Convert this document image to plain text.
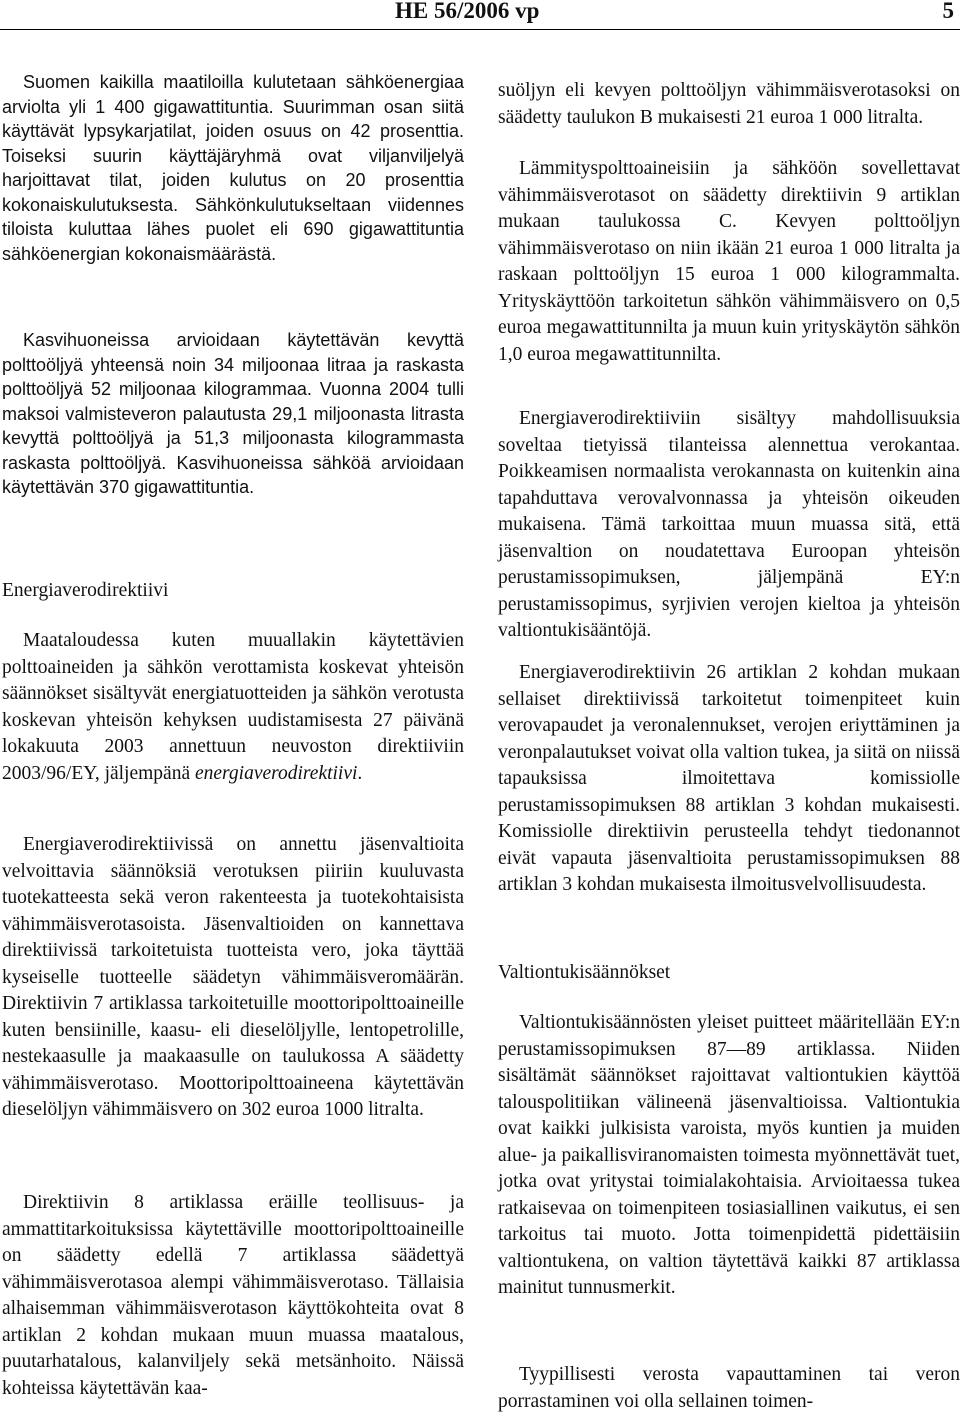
HE 56/2006 vp	5

Suomen kaikilla maatiloilla kulutetaan sähköenergiaa arviolta yli 1 400 gigawattituntia. Suurimman osan siitä käyttävät lypsykarjatilat, joiden osuus on 42 prosenttia. Toiseksi suurin käyttäjäryhmä ovat viljanviljelyä harjoittavat tilat, joiden kulutus on 20 prosenttia kokonaiskulutuksesta. Sähkönkulutukseltaan viidennes tiloista kuluttaa lähes puolet eli 690 gigawattituntia sähköenergian kokonaismäärästä.

Kasvihuoneissa arvioidaan käytettävän kevyttä polttoöljyä yhteensä noin 34 miljoonaa litraa ja raskasta polttoöljyä 52 miljoonaa kilogrammaa. Vuonna 2004 tulli maksoi valmisteveron palautusta 29,1 miljoonasta litrasta kevyttä polttoöljyä ja 51,3 miljoonasta kilogrammasta raskasta polttoöljyä. Kasvihuoneissa sähköä arvioidaan käytettävän 370 gigawattituntia.

Energiaverodirektiivi

Maataloudessa kuten muuallakin käytettävien polttoaineiden ja sähkön verottamista koskevat yhteisön säännökset sisältyvät energiatuotteiden ja sähkön verotusta koskevan yhteisön kehyksen uudistamisesta 27 päivänä lokakuuta 2003 annettuun neuvoston direktiiviin 2003/96/EY, jäljempänä energiaverodirektiivi.

Energiaverodirektiivissä on annettu jäsenvaltioita velvoittavia säännöksiä verotuksen piiriin kuuluvasta tuotekatteesta sekä veron rakenteesta ja tuotekohtaisista vähimmäisverotasoista. Jäsenvaltioiden on kannettava direktiivissä tarkoitetuista tuotteista vero, joka täyttää kyseiselle tuotteelle säädetyn vähimmäisveromäärän. Direktiivin 7 artiklassa tarkoitetuille moottoripolttoaineille kuten bensiinille, kaasu- eli dieselöljylle, lentopetrolille, nestekaasulle ja maakaasulle on taulukossa A säädetty vähimmäisverotaso. Moottoripolttoaineena käytettävän dieselöljyn vähimmäisvero on 302 euroa 1000 litralta.

Direktiivin 8 artiklassa eräille teollisuus- ja ammattitarkoituksissa käytettäville moottoripolttoaineille on säädetty edellä 7 artiklassa säädettyä vähimmäisverotasoa alempi vähimmäisverotaso. Tällaisia alhaisemman vähimmäisverotason käyttökohteita ovat 8 artiklan 2 kohdan mukaan muun muassa maatalous, puutarhatalous, kalanviljely sekä metsänhoito. Näissä kohteissa käytettävän kaa-

suöljyn eli kevyen polttoöljyn vähimmäisverotasoksi on säädetty taulukon B mukaisesti 21 euroa 1 000 litralta.

Lämmityspolttoaineisiin ja sähköön sovellettavat vähimmäisverotasot on säädetty direktiivin 9 artiklan mukaan taulukossa C. Kevyen polttoöljyn vähimmäisverotaso on niin ikään 21 euroa 1 000 litralta ja raskaan polttoöljyn 15 euroa 1 000 kilogrammalta. Yrityskäyttöön tarkoitetun sähkön vähimmäisvero on 0,5 euroa megawattitunnilta ja muun kuin yrityskäytön sähkön 1,0 euroa megawattitunnilta.

Energiaverodirektiiviin sisältyy mahdollisuuksia soveltaa tietyissä tilanteissa alennettua verokantaa. Poikkeamisen normaalista verokannasta on kuitenkin aina tapahduttava verovalvonnassa ja yhteisön oikeuden mukaisena. Tämä tarkoittaa muun muassa sitä, että jäsenvaltion on noudatettava Euroopan yhteisön perustamissopimuksen, jäljempänä EY:n perustamissopimus, syrjivien verojen kieltoa ja yhteisön valtiontukisääntöjä.

Energiaverodirektiivin 26 artiklan 2 kohdan mukaan sellaiset direktiivissä tarkoitetut toimenpiteet kuin verovapaudet ja veronalennukset, verojen eriyttäminen ja veronpalautukset voivat olla valtion tukea, ja siitä on niissä tapauksissa ilmoitettava komissiolle perustamissopimuksen 88 artiklan 3 kohdan mukaisesti. Komissiolle direktiivin perusteella tehdyt tiedonannot eivät vapauta jäsenvaltioita perustamissopimuksen 88 artiklan 3 kohdan mukaisesta ilmoitusvelvollisuudesta.

Valtiontukisäännökset

Valtiontukisäännösten yleiset puitteet määritellään EY:n perustamissopimuksen 87—89 artiklassa. Niiden sisältämät säännökset rajoittavat valtiontukien käyttöä talouspolitiikan välineenä jäsenvaltioissa. Valtiontukia ovat kaikki julkisista varoista, myös kuntien ja muiden alue- ja paikallisviranomaisten toimesta myönnettävät tuet, jotka ovat yritystai toimialakohtaisia. Arvioitaessa tukea ratkaisevaa on toimenpiteen tosiasiallinen vaikutus, ei sen tarkoitus tai muoto. Jotta toimenpidettä pidettäisiin valtiontukena, on valtion täytettävä kaikki 87 artiklassa mainitut tunnusmerkit.

Tyypillisesti verosta vapauttaminen tai veron porrastaminen voi olla sellainen toimen-
